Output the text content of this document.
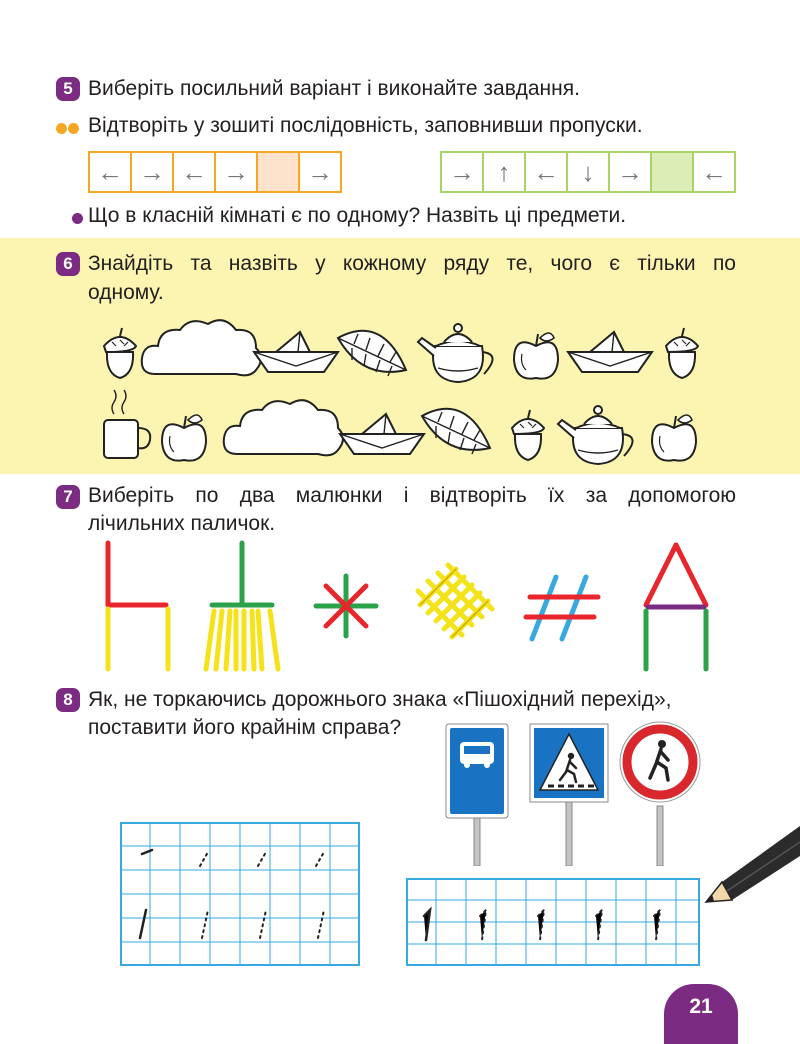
5 Виберіть посильний варіант і виконайте завдання.
Відтворіть у зошиті послідовність, заповнивши пропуски.
← → ← →	→	→ ↑ ← ↓ →	←
Що в класній кімнаті є по одному? Назвіть ці предмети.
6 Знайдіть та назвіть у кожному ряду те, чого є тільки по
одному.
7 Виберіть по два малюнки і відтворіть їх за допомогою
лічильних паличок.
8 Як, не торкаючись дорожнього знака «Пішохідний перехід»,
поставити його крайнім справа?
21
